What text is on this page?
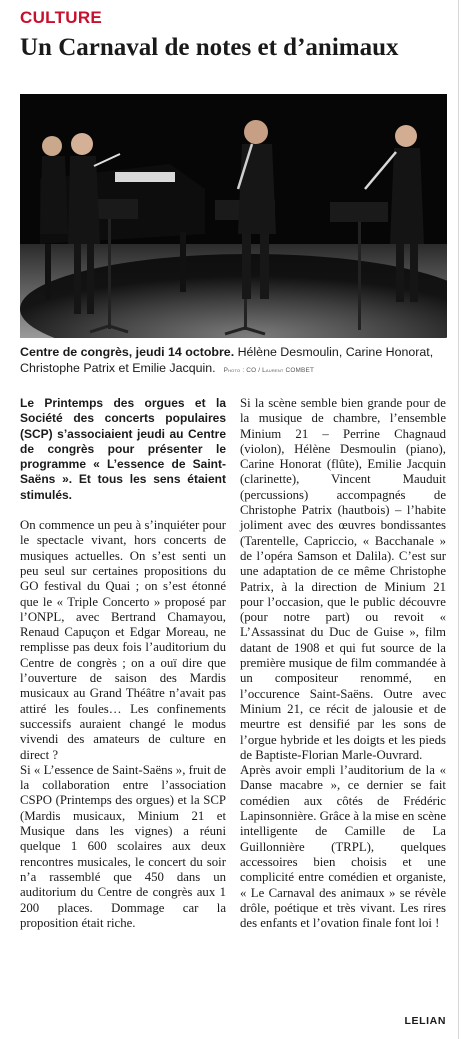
CULTURE
Un Carnaval de notes et d’animaux

Centre de congrès, jeudi 14 octobre. Hélène Desmoulin, Carine Honorat, Christophe Patrix et Emilie Jacquin. Photo : CO / Laurent COMBET

Le Printemps des orgues et la Société des concerts populaires (SCP) s’associaient jeudi au Centre de congrès pour présenter le programme « L’essence de Saint-Saëns ». Et tous les sens étaient stimulés.

On commence un peu à s’inquiéter pour le spectacle vivant, hors concerts de musiques actuelles. On s’est senti un peu seul sur certaines propositions du GO festival du Quai ; on s’est étonné que le « Triple Concerto » proposé par l’ONPL, avec Bertrand Chamayou, Renaud Capuçon et Edgar Moreau, ne remplisse pas deux fois l’auditorium du Centre de congrès ; on a ouï dire que l’ouverture de saison des Mardis musicaux au Grand Théâtre n’avait pas attiré les foules… Les confinements successifs auraient changé le modus vivendi des amateurs de culture en direct ?

Si « L’essence de Saint-Saëns », fruit de la collaboration entre l’association CSPO (Printemps des orgues) et la SCP (Mardis musicaux, Minium 21 et Musique dans les vignes) a réuni quelque 1 600 scolaires aux deux rencontres musicales, le concert du soir n’a rassemblé que 450 dans un auditorium du Centre de congrès aux 1 200 places. Dommage car la proposition était riche.

Si la scène semble bien grande pour de la musique de chambre, l’ensemble Minium 21 – Perrine Chagnaud (violon), Hélène Desmoulin (piano), Carine Honorat (flûte), Emilie Jacquin (clarinette), Vincent Mauduit (percussions) accompagnés de Christophe Patrix (hautbois) – l’habite joliment avec des œuvres bondissantes (Tarentelle, Capriccio, « Bacchanale » de l’opéra Samson et Dalila). C’est sur une adaptation de ce même Christophe Patrix, à la direction de Minium 21 pour l’occasion, que le public découvre (pour notre part) ou revoit « L’Assassinat du Duc de Guise », film datant de 1908 et qui fut source de la première musique de film commandée à un compositeur renommé, en l’occurence Saint-Saëns. Outre avec Minium 21, ce récit de jalousie et de meurtre est densifié par les sons de l’orgue hybride et les doigts et les pieds de Baptiste-Florian Marle-Ouvrard.

Après avoir empli l’auditorium de la « Danse macabre », ce dernier se fait comédien aux côtés de Frédéric Lapinsonnière. Grâce à la mise en scène intelligente de Camille de La Guillonnière (TRPL), quelques accessoires bien choisis et une complicité entre comédien et organiste, « Le Carnaval des animaux » se révèle drôle, poétique et très vivant. Les rires des enfants et l’ovation finale font loi !

LELIAN
